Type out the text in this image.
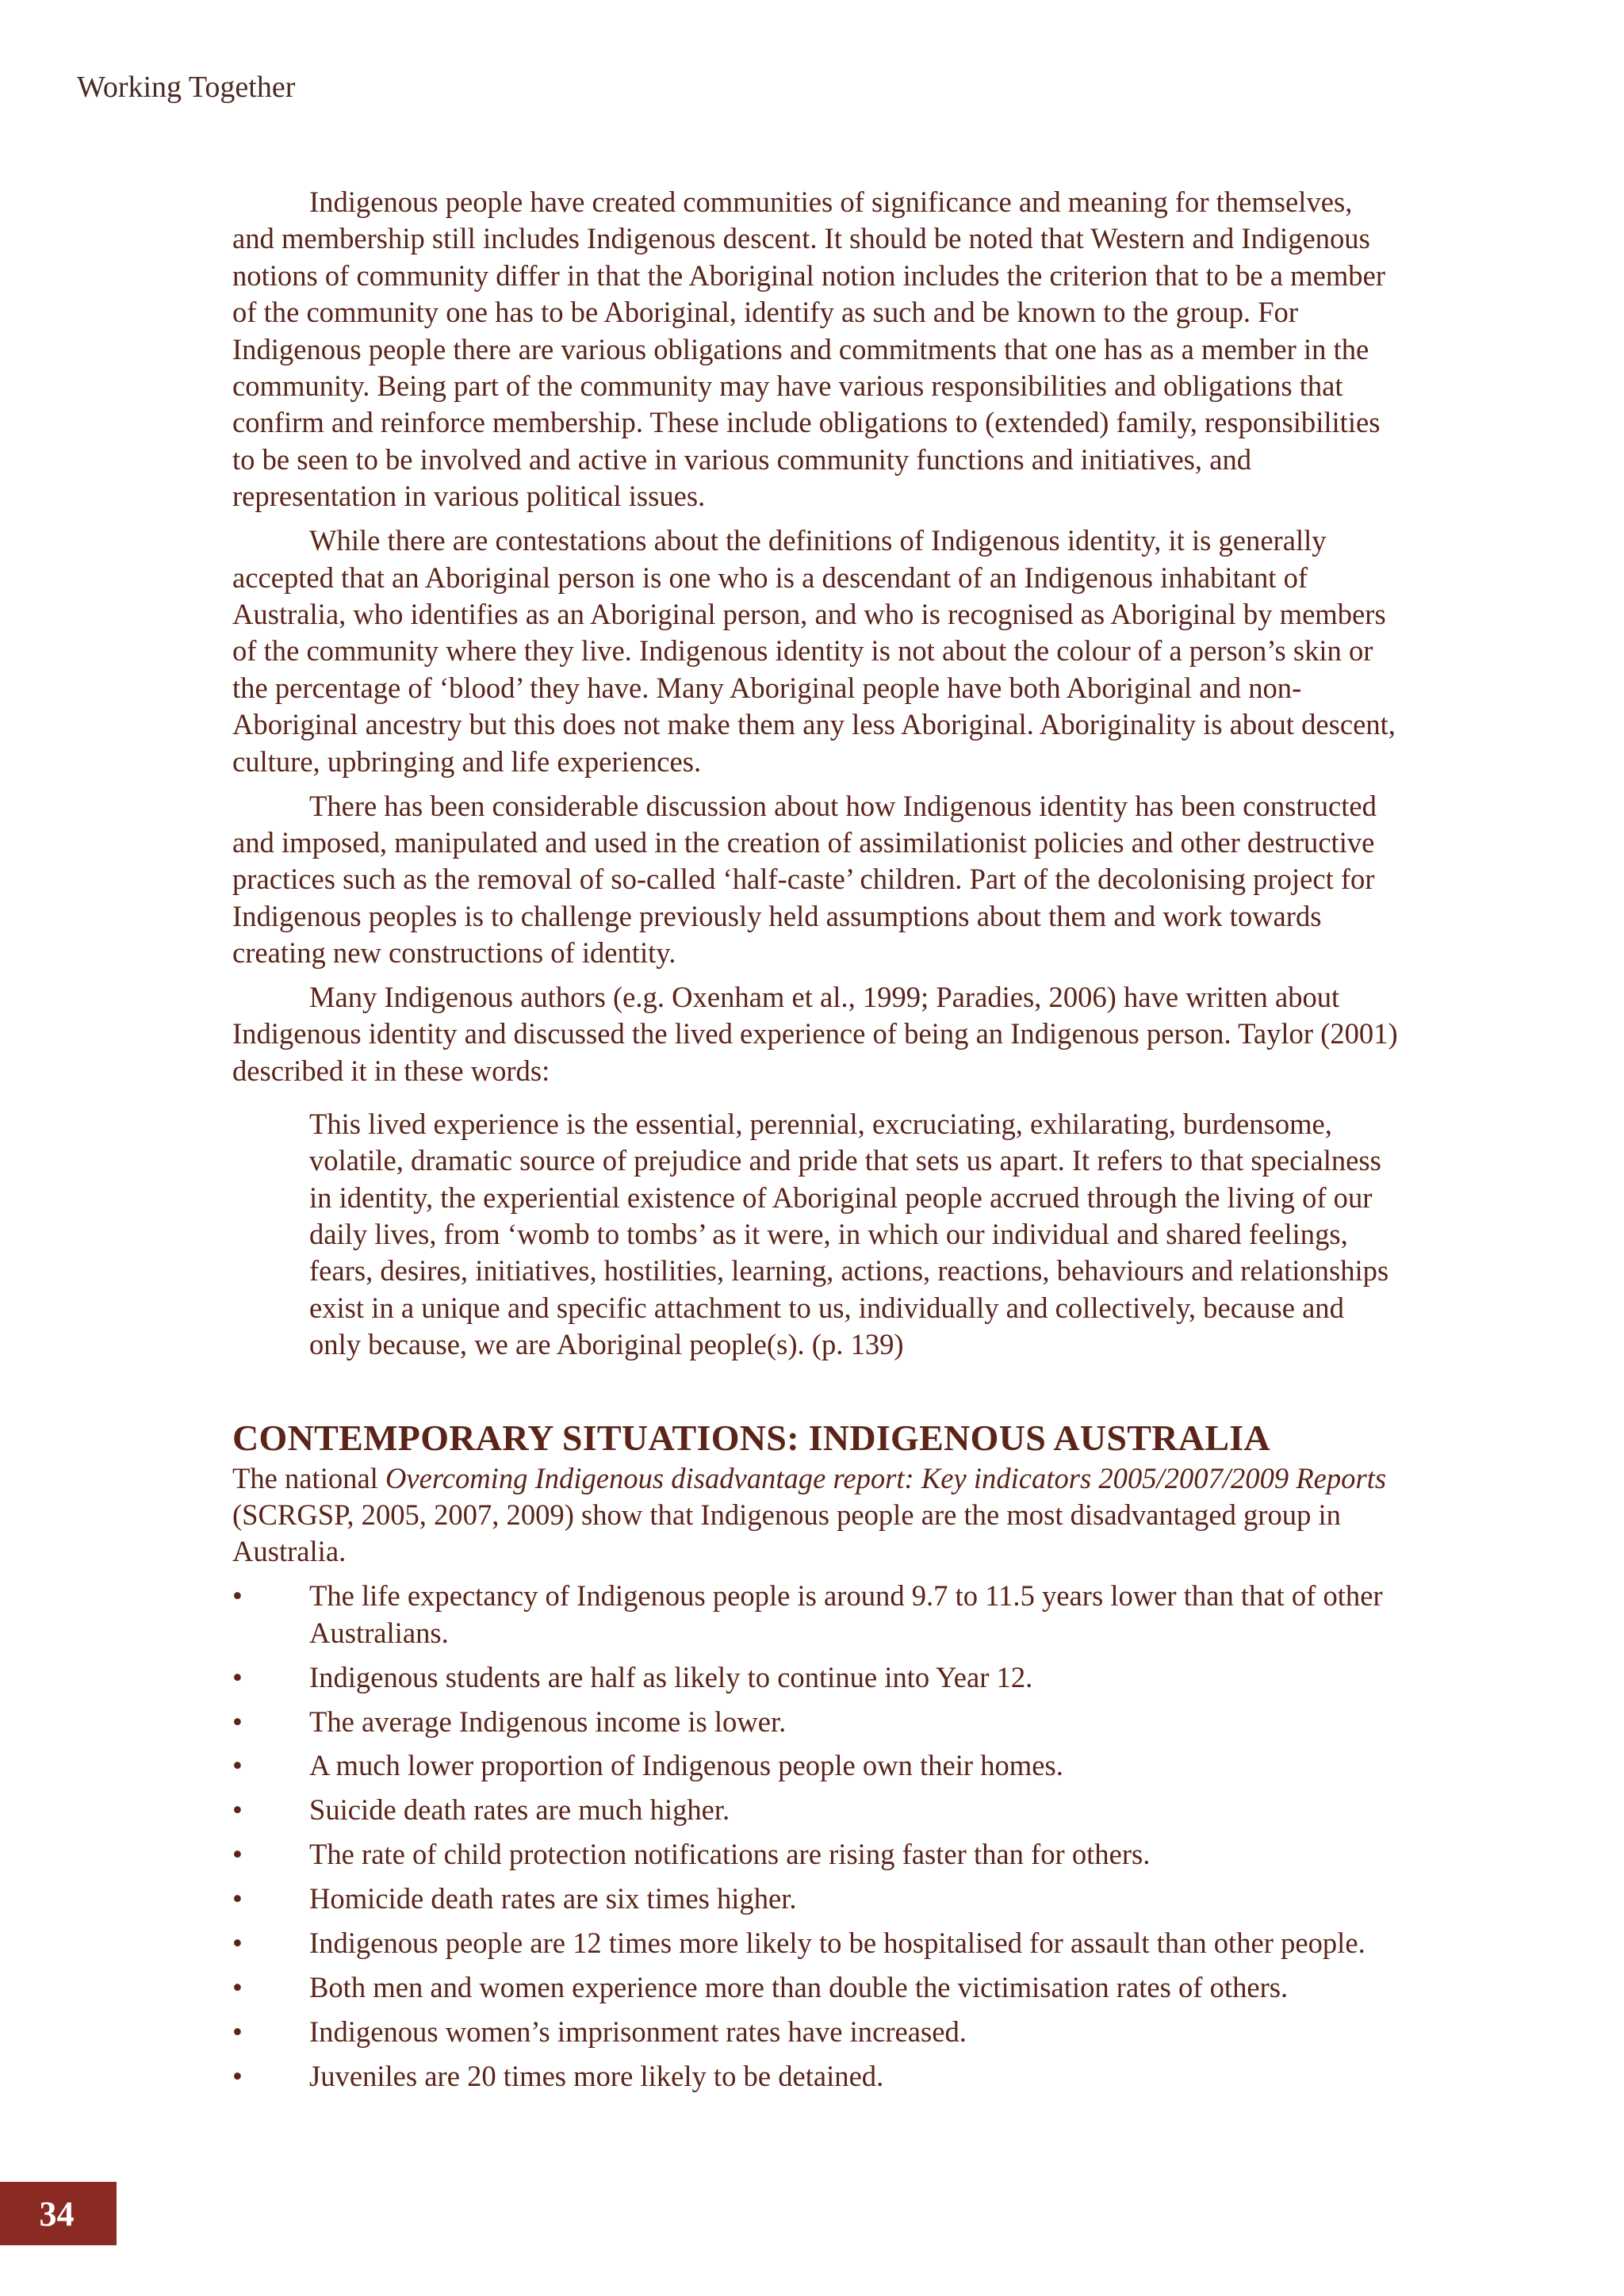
Working Together

Indigenous people have created communities of significance and meaning for themselves, and membership still includes Indigenous descent. It should be noted that Western and Indigenous notions of community differ in that the Aboriginal notion includes the criterion that to be a member of the community one has to be Aboriginal, identify as such and be known to the group. For Indigenous people there are various obligations and commitments that one has as a member in the community. Being part of the community may have various responsibilities and obligations that confirm and reinforce membership. These include obligations to (extended) family, responsibilities to be seen to be involved and active in various community functions and initiatives, and representation in various political issues.

While there are contestations about the definitions of Indigenous identity, it is generally accepted that an Aboriginal person is one who is a descendant of an Indigenous inhabitant of Australia, who identifies as an Aboriginal person, and who is recognised as Aboriginal by members of the community where they live. Indigenous identity is not about the colour of a person’s skin or the percentage of ‘blood’ they have. Many Aboriginal people have both Aboriginal and non-Aboriginal ancestry but this does not make them any less Aboriginal. Aboriginality is about descent, culture, upbringing and life experiences.

There has been considerable discussion about how Indigenous identity has been constructed and imposed, manipulated and used in the creation of assimilationist policies and other destructive practices such as the removal of so-called ‘half-caste’ children. Part of the decolonising project for Indigenous peoples is to challenge previously held assumptions about them and work towards creating new constructions of identity.

Many Indigenous authors (e.g. Oxenham et al., 1999; Paradies, 2006) have written about Indigenous identity and discussed the lived experience of being an Indigenous person. Taylor (2001) described it in these words:

This lived experience is the essential, perennial, excruciating, exhilarating, burdensome, volatile, dramatic source of prejudice and pride that sets us apart. It refers to that specialness in identity, the experiential existence of Aboriginal people accrued through the living of our daily lives, from ‘womb to tombs’ as it were, in which our individual and shared feelings, fears, desires, initiatives, hostilities, learning, actions, reactions, behaviours and relationships exist in a unique and specific attachment to us, individually and collectively, because and only because, we are Aboriginal people(s). (p. 139)

CONTEMPORARY SITUATIONS: INDIGENOUS AUSTRALIA

The national Overcoming Indigenous disadvantage report: Key indicators 2005/2007/2009 Reports (SCRGSP, 2005, 2007, 2009) show that Indigenous people are the most disadvantaged group in Australia.

•	The life expectancy of Indigenous people is around 9.7 to 11.5 years lower than that of other Australians.
•	Indigenous students are half as likely to continue into Year 12.
•	The average Indigenous income is lower.
•	A much lower proportion of Indigenous people own their homes.
•	Suicide death rates are much higher.
•	The rate of child protection notifications are rising faster than for others.
•	Homicide death rates are six times higher.
•	Indigenous people are 12 times more likely to be hospitalised for assault than other people.
•	Both men and women experience more than double the victimisation rates of others.
•	Indigenous women’s imprisonment rates have increased.
•	Juveniles are 20 times more likely to be detained.
34
